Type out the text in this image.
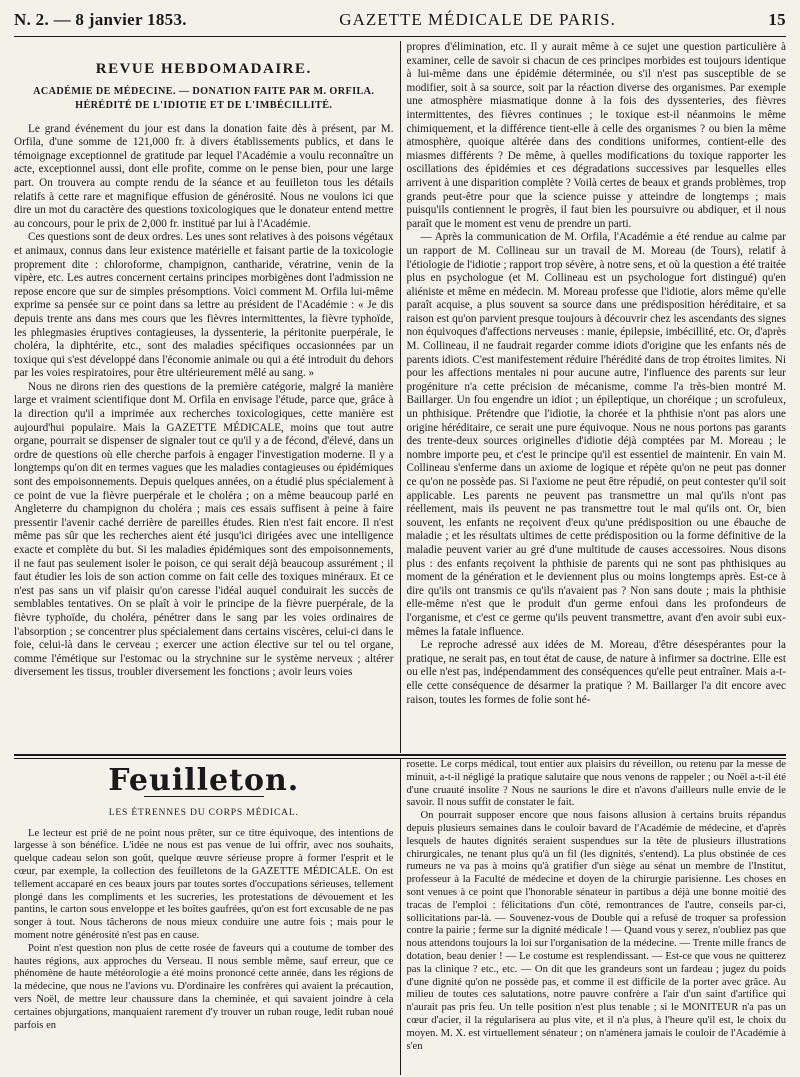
N. 2. — 8 janvier 1853.	GAZETTE MÉDICALE DE PARIS.	15
REVUE HEBDOMADAIRE.
ACADÉMIE DE MÉDECINE. — DONATION FAITE PAR M. ORFILA. HÉRÉDITÉ DE L'IDIOTIE ET DE L'IMBÉCILLITÉ.

Le grand événement du jour est dans la donation faite dès à présent, par M. Orfila, d'une somme de 121,000 fr. à divers établissements publics, et dans le témoignage exceptionnel de gratitude par lequel l'Académie a voulu reconnaître un acte, exceptionnel aussi, dont elle profite, comme on le pense bien, pour une large part. On trouvera au compte rendu de la séance et au feuilleton tous les détails relatifs à cette rare et magnifique effusion de générosité. Nous ne voulons ici que dire un mot du caractère des questions toxicologiques que le donateur entend mettre au concours, pour le prix de 2,000 fr. institué par lui à l'Académie.

Ces questions sont de deux ordres. Les unes sont relatives à des poisons végétaux et animaux, connus dans leur existence matérielle et faisant partie de la toxicologie proprement dite : chloroforme, champignon, cantharide, vératrine, venin de la vipère, etc. Les autres concernent certains principes morbigènes dont l'admission ne repose encore que sur de simples présomptions. Voici comment M. Orfila lui-même exprime sa pensée sur ce point dans sa lettre au président de l'Académie : « Je dis depuis trente ans dans mes cours que les fièvres intermittentes, la fièvre typhoïde, les phlegmasies éruptives contagieuses, la dyssenterie, la péritonite puerpérale, le choléra, la diphtérite, etc., sont des maladies spécifiques occasionnées par un toxique qui s'est développé dans l'économie animale ou qui a été introduit du dehors par les voies respiratoires, pour être ultérieurement mêlé au sang. »

Nous ne dirons rien des questions de la première catégorie, malgré la manière large et vraiment scientifique dont M. Orfila en envisage l'étude, parce que, grâce à la direction qu'il a imprimée aux recherches toxicologiques, cette manière est aujourd'hui populaire. Mais la GAZETTE MÉDICALE, moins que tout autre organe, pourrait se dispenser de signaler tout ce qu'il y a de fécond, d'élevé, dans un ordre de questions où elle cherche parfois à engager l'investigation moderne. Il y a longtemps qu'on dit en termes vagues que les maladies contagieuses ou épidémiques sont des empoisonnements. Depuis quelques années, on a étudié plus spécialement à ce point de vue la fièvre puerpérale et le choléra ; on a même beaucoup parlé en Angleterre du champignon du choléra ; mais ces essais suffisent à peine à faire pressentir l'avenir caché derrière de pareilles études. Rien n'est fait encore. Il n'est même pas sûr que les recherches aient été jusqu'ici dirigées avec une intelligence exacte et complète du but. Si les maladies épidémiques sont des empoisonnements, il ne faut pas seulement isoler le poison, ce qui serait déjà beaucoup assurément ; il faut étudier les lois de son action comme on fait celle des toxiques minéraux. Et ce n'est pas sans un vif plaisir qu'on caresse l'idéal auquel conduirait les succès de semblables tentatives. On se plaît à voir le principe de la fièvre puerpérale, de la fièvre typhoïde, du choléra, pénétrer dans le sang par les voies ordinaires de l'absorption ; se concentrer plus spécialement dans certains viscères, celui-ci dans le foie, celui-là dans le cerveau ; exercer une action élective sur tel ou tel organe, comme l'émétique sur l'estomac ou la strychnine sur le système nerveux ; altérer diversement les tissus, troubler diversement les fonctions ; avoir leurs voies

propres d'élimination, etc. Il y aurait même à ce sujet une question particulière à examiner, celle de savoir si chacun de ces principes morbides est toujours identique à lui-même dans une épidémie déterminée, ou s'il n'est pas susceptible de se modifier, soit à sa source, soit par la réaction diverse des organismes. Par exemple une atmosphère miasmatique donne à la fois des dyssenteries, des fièvres intermittentes, des fièvres continues ; le toxique est-il néanmoins le même chimiquement, et la différence tient-elle à celle des organismes ? ou bien la même atmosphère, quoique altérée dans des conditions uniformes, contient-elle des miasmes différents ? De même, à quelles modifications du toxique rapporter les oscillations des épidémies et ces dégradations successives par lesquelles elles arrivent à une disparition complète ? Voilà certes de beaux et grands problèmes, trop grands peut-être pour que la science puisse y atteindre de longtemps ; mais puisqu'ils contiennent le progrès, il faut bien les poursuivre ou abdiquer, et il nous paraît que le moment est venu de prendre un parti.

— Après la communication de M. Orfila, l'Académie a été rendue au calme par un rapport de M. Collineau sur un travail de M. Moreau (de Tours), relatif à l'étiologie de l'idiotie ; rapport trop sévère, à notre sens, et où la question a été traitée plus en psychologue (et M. Collineau est un psychologue fort distingué) qu'en aliéniste et même en médecin. M. Moreau professe que l'idiotie, alors même qu'elle paraît acquise, a plus souvent sa source dans une prédisposition héréditaire, et sa raison est qu'on parvient presque toujours à découvrir chez les ascendants des signes non équivoques d'affections nerveuses : manie, épilepsie, imbécillité, etc. Or, d'après M. Collineau, il ne faudrait regarder comme idiots d'origine que les enfants nés de parents idiots. C'est manifestement réduire l'hérédité dans de trop étroites limites. Ni pour les affections mentales ni pour aucune autre, l'influence des parents sur leur progéniture n'a cette précision de mécanisme, comme l'a très-bien montré M. Baillarger. Un fou engendre un idiot ; un épileptique, un choréique ; un scrofuleux, un phthisique. Prétendre que l'idiotie, la chorée et la phthisie n'ont pas alors une origine héréditaire, ce serait une pure équivoque. Nous ne nous portons pas garants des trente-deux sources originelles d'idiotie déjà comptées par M. Moreau ; le nombre importe peu, et c'est le principe qu'il est essentiel de maintenir. En vain M. Collineau s'enferme dans un axiome de logique et répète qu'on ne peut pas donner ce qu'on ne possède pas. Si l'axiome ne peut être répudié, on peut contester qu'il soit applicable. Les parents ne peuvent pas transmettre un mal qu'ils n'ont pas réellement, mais ils peuvent ne pas transmettre tout le mal qu'ils ont. Or, bien souvent, les enfants ne reçoivent d'eux qu'une prédisposition ou une ébauche de maladie ; et les résultats ultimes de cette prédisposition ou la forme définitive de la maladie peuvent varier au gré d'une multitude de causes accessoires. Nous disons plus : des enfants reçoivent la phthisie de parents qui ne sont pas phthisiques au moment de la génération et le deviennent plus ou moins longtemps après. Est-ce à dire qu'ils ont transmis ce qu'ils n'avaient pas ? Non sans doute ; mais la phthisie elle-même n'est que le produit d'un germe enfoui dans les profondeurs de l'organisme, et c'est ce germe qu'ils peuvent transmettre, avant d'en avoir subi eux-mêmes la fatale influence.

Le reproche adressé aux idées de M. Moreau, d'être désespérantes pour la pratique, ne serait pas, en tout état de cause, de nature à infirmer sa doctrine. Elle est ou elle n'est pas, indépendamment des conséquences qu'elle peut entraîner. Mais a-t-elle cette conséquence de désarmer la pratique ? M. Baillarger l'a dit encore avec raison, toutes les formes de folie sont hé-

Feuilleton.
LES ÉTRENNES DU CORPS MÉDICAL.

Le lecteur est prié de ne point nous prêter, sur ce titre équivoque, des intentions de largesse à son bénéfice. L'idée ne nous est pas venue de lui offrir, avec nos souhaits, quelque cadeau selon son goût, quelque œuvre sérieuse propre à former l'esprit et le cœur, par exemple, la collection des feuilletons de la GAZETTE MÉDICALE. On est tellement accaparé en ces beaux jours par toutes sortes d'occupations sérieuses, tellement plongé dans les compliments et les sucreries, les protestations de dévouement et les pantins, le carton sous enveloppe et les boîtes gaufrées, qu'on est fort excusable de ne pas songer à tout. Nous tâcherons de nous mieux conduire une autre fois ; mais pour le moment notre générosité n'est pas en cause.

Point n'est question non plus de cette rosée de faveurs qui a coutume de tomber des hautes régions, aux approches du Verseau. Il nous semble même, sauf erreur, que ce phénomène de haute météorologie a été moins prononcé cette année, dans les régions de la médecine, que nous ne l'avions vu. D'ordinaire les confrères qui avaient la précaution, vers Noël, de mettre leur chaussure dans la cheminée, et qui savaient joindre à cela certaines objurgations, manquaient rarement d'y trouver un ruban rouge, ledit ruban noué parfois en

rosette. Le corps médical, tout entier aux plaisirs du réveillon, ou retenu par la messe de minuit, a-t-il négligé la pratique salutaire que nous venons de rappeler ; ou Noël a-t-il été d'une cruauté insolite ? Nous ne saurions le dire et n'avons d'ailleurs nulle envie de le savoir. Il nous suffit de constater le fait.

On pourrait supposer encore que nous faisons allusion à certains bruits répandus depuis plusieurs semaines dans le couloir bavard de l'Académie de médecine, et d'après lesquels de hautes dignités seraient suspendues sur la tête de plusieurs illustrations chirurgicales, ne tenant plus qu'à un fil (les dignités, s'entend). La plus obstinée de ces rumeurs ne va pas à moins qu'à gratifier d'un siège au sénat un membre de l'Institut, professeur à la Faculté de médecine et doyen de la chirurgie parisienne. Les choses en sont venues à ce point que l'honorable sénateur in partibus a déjà une bonne moitié des tracas de l'emploi : félicitations d'un côté, remontrances de l'autre, conseils par-ci, sollicitations par-là. — Souvenez-vous de Double qui a refusé de troquer sa profession contre la pairie ; ferme sur la dignité médicale ! — Quand vous y serez, n'oubliez pas que nous attendons toujours la loi sur l'organisation de la médecine. — Trente mille francs de dotation, beau denier ! — Le costume est resplendissant. — Est-ce que vous ne quitterez pas la clinique ? etc., etc. — On dit que les grandeurs sont un fardeau ; jugez du poids d'une dignité qu'on ne possède pas, et comme il est difficile de la porter avec grâce. Au milieu de toutes ces salutations, notre pauvre confrère a l'air d'un saint d'artifice qui n'aurait pas pris feu. Un telle position n'est plus tenable ; si le MONITEUR n'a pas un cœur d'acier, il la régularisera au plus vite, et il n'a plus, à l'heure qu'il est, le choix du moyen. M. X. est virtuellement sénateur ; on n'amènera jamais le couloir de l'Académie à s'en
